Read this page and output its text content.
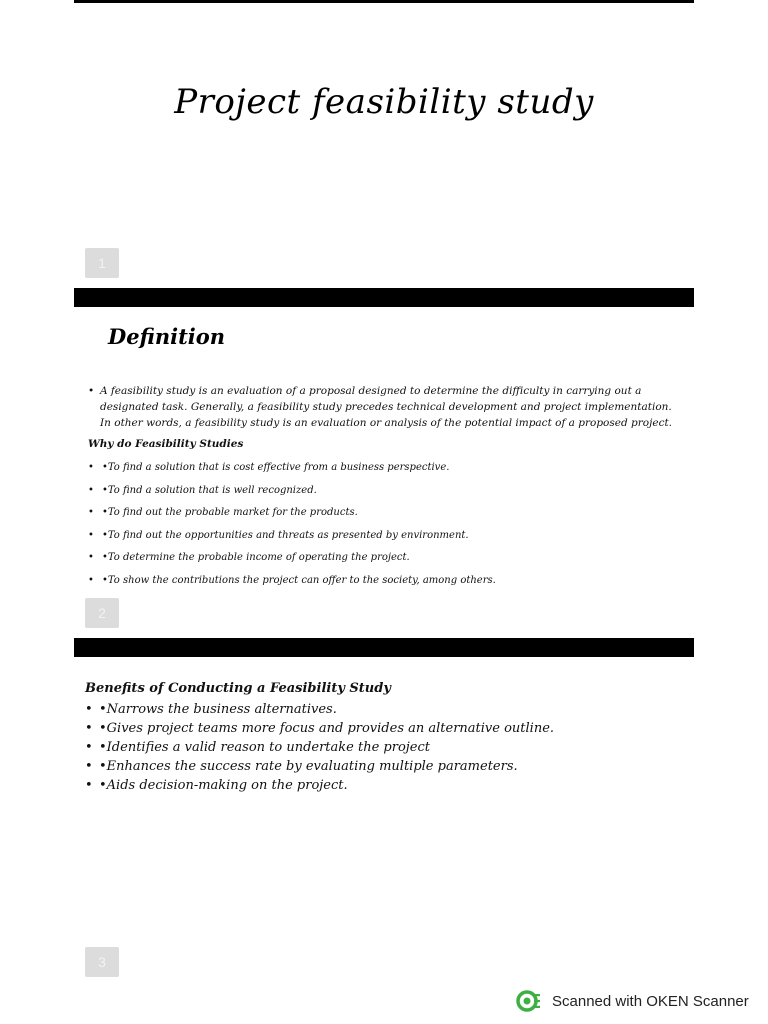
Project feasibility study
1
Definition
• A feasibility study is an evaluation of a proposal designed to determine the difficulty in carrying out a designated task. Generally, a feasibility study precedes technical development and project implementation. In other words, a feasibility study is an evaluation or analysis of the potential impact of a proposed project.
Why do Feasibility Studies
• •To find a solution that is cost effective from a business perspective.
• •To find a solution that is well recognized.
• •To find out the probable market for the products.
• •To find out the opportunities and threats as presented by environment.
• •To determine the probable income of operating the project.
• •To show the contributions the project can offer to the society, among others.
2
Benefits of Conducting a Feasibility Study
• •Narrows the business alternatives.
• •Gives project teams more focus and provides an alternative outline.
• •Identifies a valid reason to undertake the project
• •Enhances the success rate by evaluating multiple parameters.
• •Aids decision-making on the project.
3
Scanned with OKEN Scanner
